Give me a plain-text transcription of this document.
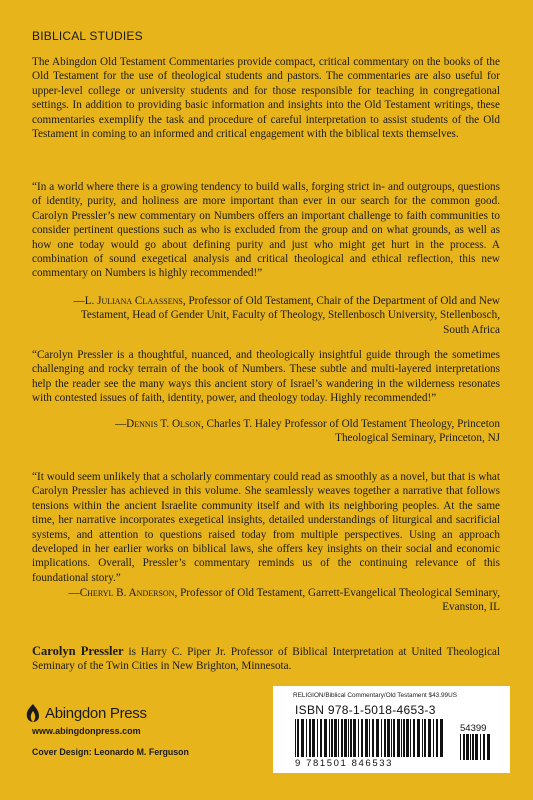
BIBLICAL STUDIES

The Abingdon Old Testament Commentaries provide compact, critical commentary on the books of the Old Testament for the use of theological students and pastors. The commentaries are also useful for upper-level college or university students and for those responsible for teaching in congregational settings. In addition to providing basic information and insights into the Old Testament writings, these commentaries exemplify the task and procedure of careful interpretation to assist students of the Old Testament in coming to an informed and critical engagement with the biblical texts themselves.

“In a world where there is a growing tendency to build walls, forging strict in- and outgroups, questions of identity, purity, and holiness are more important than ever in our search for the common good. Carolyn Pressler’s new commentary on Numbers offers an important challenge to faith communities to consider pertinent questions such as who is excluded from the group and on what grounds, as well as how one today would go about defining purity and just who might get hurt in the process. A combination of sound exegetical analysis and critical theological and ethical reflection, this new commentary on Numbers is highly recommended!”

—L. Juliana Claassens, Professor of Old Testament, Chair of the Department of Old and New Testament, Head of Gender Unit, Faculty of Theology, Stellenbosch University, Stellenbosch, South Africa

“Carolyn Pressler is a thoughtful, nuanced, and theologically insightful guide through the sometimes challenging and rocky terrain of the book of Numbers. These subtle and multi-layered interpretations help the reader see the many ways this ancient story of Israel’s wandering in the wilderness resonates with contested issues of faith, identity, power, and theology today. Highly recommended!”

—Dennis T. Olson, Charles T. Haley Professor of Old Testament Theology, Princeton Theological Seminary, Princeton, NJ

“It would seem unlikely that a scholarly commentary could read as smoothly as a novel, but that is what Carolyn Pressler has achieved in this volume. She seamlessly weaves together a narrative that follows tensions within the ancient Israelite community itself and with its neighboring peoples. At the same time, her narrative incorporates exegetical insights, detailed understandings of liturgical and sacrificial systems, and attention to questions raised today from multiple perspectives. Using an approach developed in her earlier works on biblical laws, she offers key insights on their social and economic implications. Overall, Pressler’s commentary reminds us of the continuing relevance of this foundational story.”

—Cheryl B. Anderson, Professor of Old Testament, Garrett-Evangelical Theological Seminary, Evanston, IL

Carolyn Pressler is Harry C. Piper Jr. Professor of Biblical Interpretation at United Theological Seminary of the Twin Cities in New Brighton, Minnesota.

Abingdon Press
www.abingdonpress.com
Cover Design: Leonardo M. Ferguson
RELIGION/Biblical Commentary/Old Testament $43.99US
ISBN 978-1-5018-4653-3
54399
9 781501 846533
